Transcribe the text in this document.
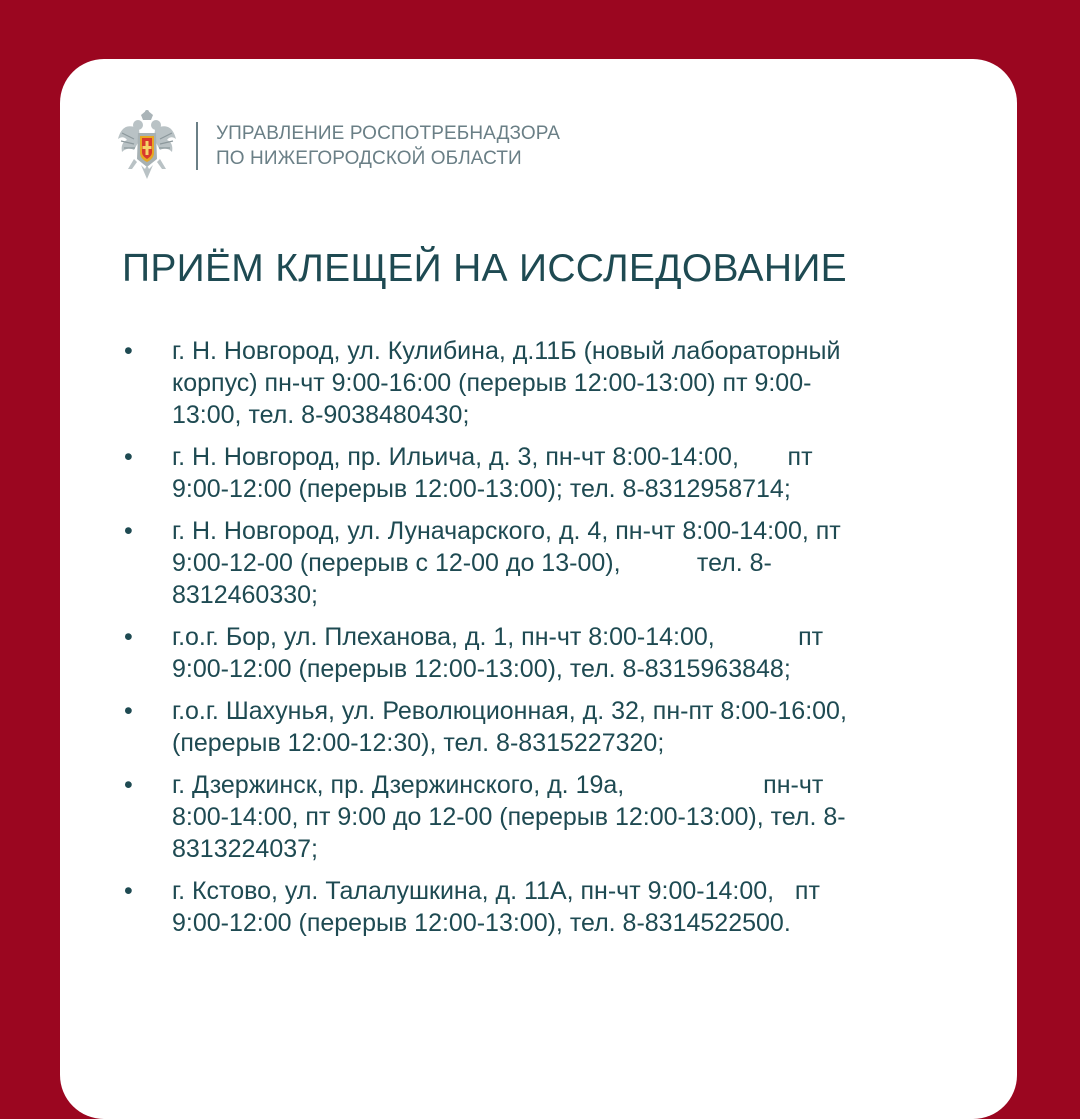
УПРАВЛЕНИЕ РОСПОТРЕБНАДЗОРА
ПО НИЖЕГОРОДСКОЙ ОБЛАСТИ
ПРИЁМ КЛЕЩЕЙ НА ИССЛЕДОВАНИЕ
• г. Н. Новгород, ул. Кулибина, д.11Б (новый лабораторный
корпус) пн-чт 9:00-16:00 (перерыв 12:00-13:00) пт 9:00-
13:00, тел. 8-9038480430;
• г. Н. Новгород, пр. Ильича, д. 3, пн-чт 8:00-14:00,       пт
9:00-12:00 (перерыв 12:00-13:00); тел. 8-8312958714;
• г. Н. Новгород, ул. Луначарского, д. 4, пн-чт 8:00-14:00, пт
9:00-12-00 (перерыв с 12-00 до 13-00),           тел. 8-
8312460330;
• г.о.г. Бор, ул. Плеханова, д. 1, пн-чт 8:00-14:00,            пт
9:00-12:00 (перерыв 12:00-13:00), тел. 8-8315963848;
• г.о.г. Шахунья, ул. Революционная, д. 32, пн-пт 8:00-16:00,
(перерыв 12:00-12:30), тел. 8-8315227320;
• г. Дзержинск, пр. Дзержинского, д. 19а,                    пн-чт
8:00-14:00, пт 9:00 до 12-00 (перерыв 12:00-13:00), тел. 8-
8313224037;
• г. Кстово, ул. Талалушкина, д. 11А, пн-чт 9:00-14:00,   пт
9:00-12:00 (перерыв 12:00-13:00), тел. 8-8314522500.
